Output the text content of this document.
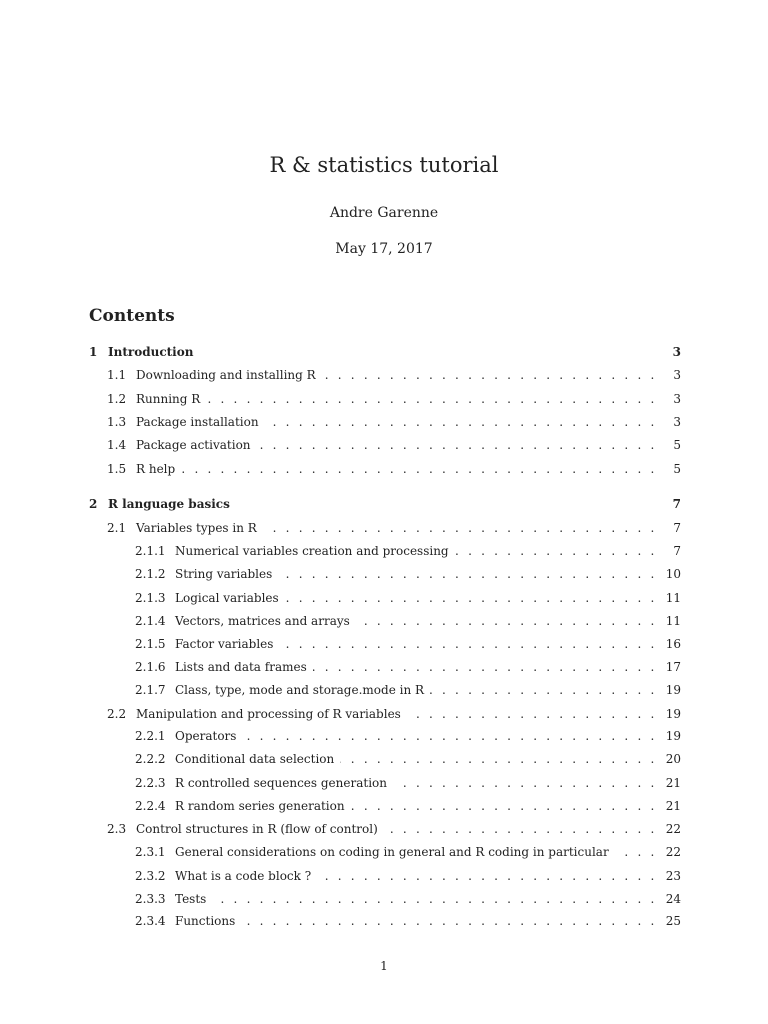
R & statistics tutorial
Andre Garenne
May 17, 2017
Contents
1 Introduction	3
1.1 Downloading and installing R . . .	3
1.2 Running R . . .	3
1.3 Package installation . . .	3
1.4 Package activation . . .	5
1.5 R help . . .	5
2 R language basics	7
2.1 Variables types in R . . .	7
2.1.1 Numerical variables creation and processing . . .	7
2.1.2 String variables . . .	10
2.1.3 Logical variables . . .	11
2.1.4 Vectors, matrices and arrays . . .	11
2.1.5 Factor variables . . .	16
2.1.6 Lists and data frames . . .	17
2.1.7 Class, type, mode and storage.mode in R . . .	19
2.2 Manipulation and processing of R variables . . .	19
2.2.1 Operators . . .	19
2.2.2 Conditional data selection . . .	20
2.2.3 R controlled sequences generation . . .	21
2.2.4 R random series generation . . .	21
2.3 Control structures in R (flow of control) . . .	22
2.3.1 General considerations on coding in general and R coding in particular . . .	22
2.3.2 What is a code block ? . . .	23
2.3.3 Tests . . .	24
2.3.4 Functions . . .	25
1
